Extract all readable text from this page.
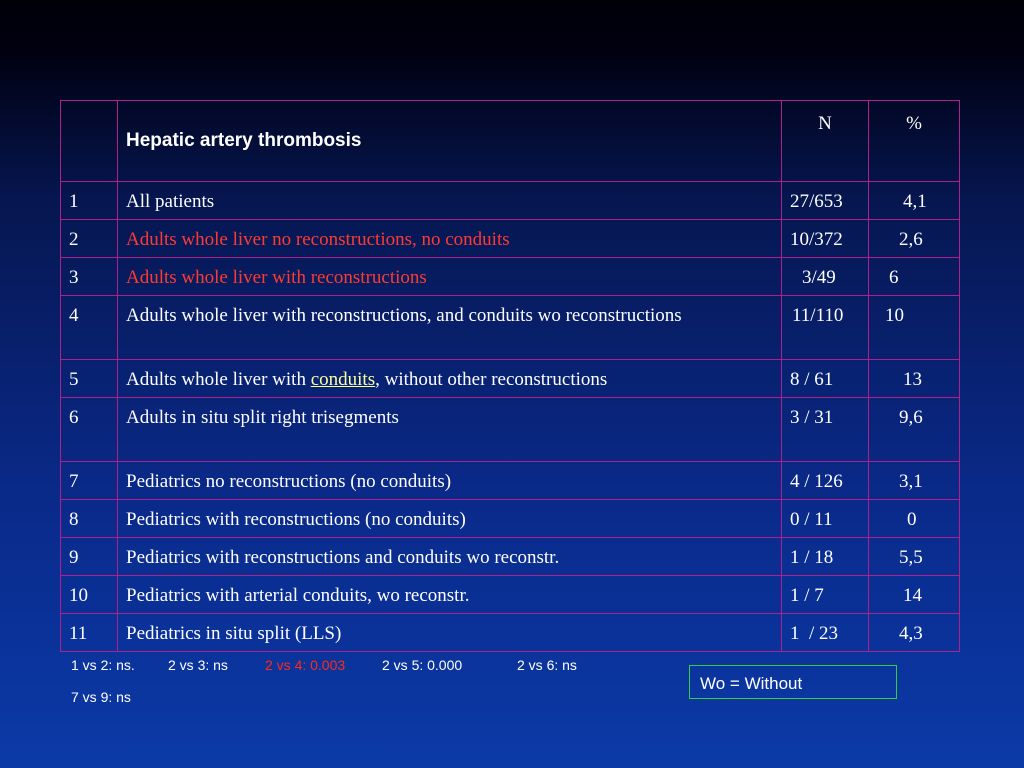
	Hepatic artery thrombosis	N	%
1	All patients	27/653	4,1
2	Adults whole liver no reconstructions, no conduits	10/372	2,6
3	Adults whole liver with reconstructions	3/49	6
4	Adults whole liver with reconstructions, and conduits wo reconstructions	11/110	10
5	Adults whole liver with conduits, without other reconstructions	8 / 61	13
6	Adults in situ split right trisegments	3 / 31	9,6
7	Pediatrics no reconstructions (no conduits)	4 / 126	3,1
8	Pediatrics with reconstructions (no conduits)	0 / 11	0
9	Pediatrics with reconstructions and conduits wo reconstr.	1 / 18	5,5
10	Pediatrics with arterial conduits, wo reconstr.	1 / 7	14
11	Pediatrics in situ split (LLS)	1  / 23	4,3
1 vs 2: ns. 2 vs 3: ns	2 vs 4: 0.003	2 vs 5: 0.000	2 vs 6: ns
7 vs 9: ns
Wo = Without
